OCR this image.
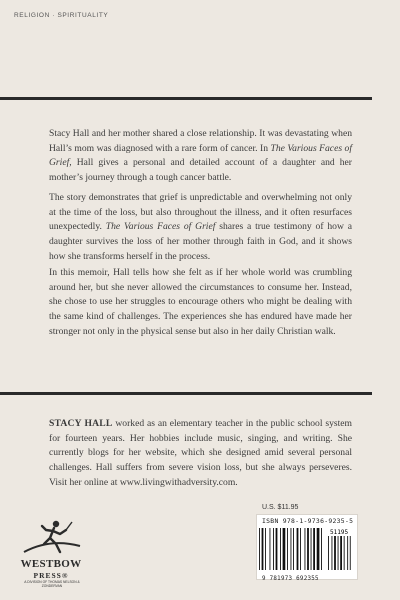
RELIGION · SPIRITUALITY

Stacy Hall and her mother shared a close relationship. It was devastating when Hall’s mom was diagnosed with a rare form of cancer. In The Various Faces of Grief, Hall gives a personal and detailed account of a daughter and her mother’s journey through a tough cancer battle.

The story demonstrates that grief is unpredictable and overwhelming not only at the time of the loss, but also throughout the illness, and it often resurfaces unexpectedly. The Various Faces of Grief shares a true testimony of how a daughter survives the loss of her mother through faith in God, and it shows how she transforms herself in the process.

In this memoir, Hall tells how she felt as if her whole world was crumbling around her, but she never allowed the circumstances to consume her. Instead, she chose to use her struggles to encourage others who might be dealing with the same kind of challenges. The experiences she has endured have made her stronger not only in the physical sense but also in her daily Christian walk.

STACY HALL worked as an elementary teacher in the public school system for fourteen years. Her hobbies include music, singing, and writing. She currently blogs for her website, which she designed amid several personal challenges. Hall suffers from severe vision loss, but she always perseveres. Visit her online at www.livingwithadversity.com.

WESTBOW
PRESS®
A DIVISION OF THOMAS NELSON & ZONDERVAN
U.S. $11.95
ISBN 978-1-9736-9235-5
51195
9 781973 692355
